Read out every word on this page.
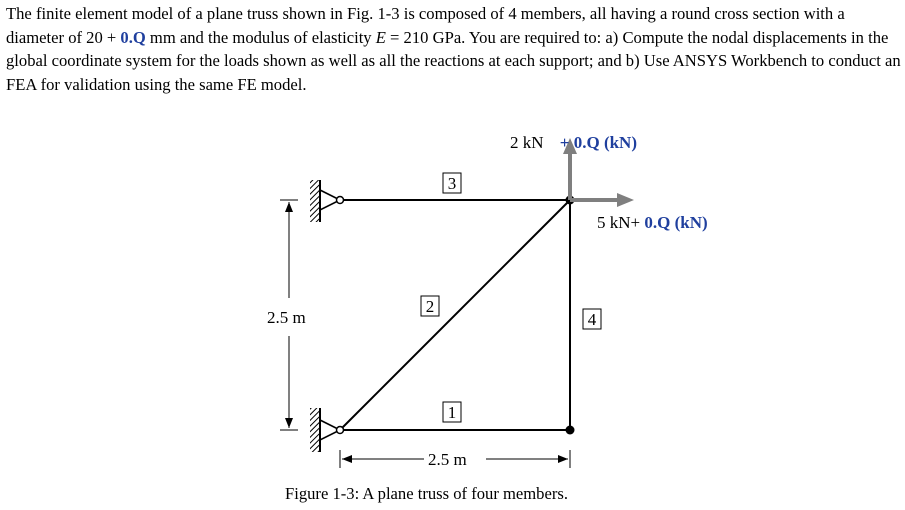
The finite element model of a plane truss shown in Fig. 1-3 is composed of 4 members, all having a round cross section with a diameter of 20 + 0.Q mm and the modulus of elasticity E = 210 GPa. You are required to: a) Compute the nodal displacements in the global coordinate system for the loads shown as well as all the reactions at each support; and b) Use ANSYS Workbench to conduct an FEA for validation using the same FE model.

2 kN + 0.Q (kN)
5 kN+ 0.Q (kN)
3
2
4
1
2.5 m
2.5 m
Figure 1-3: A plane truss of four members.
